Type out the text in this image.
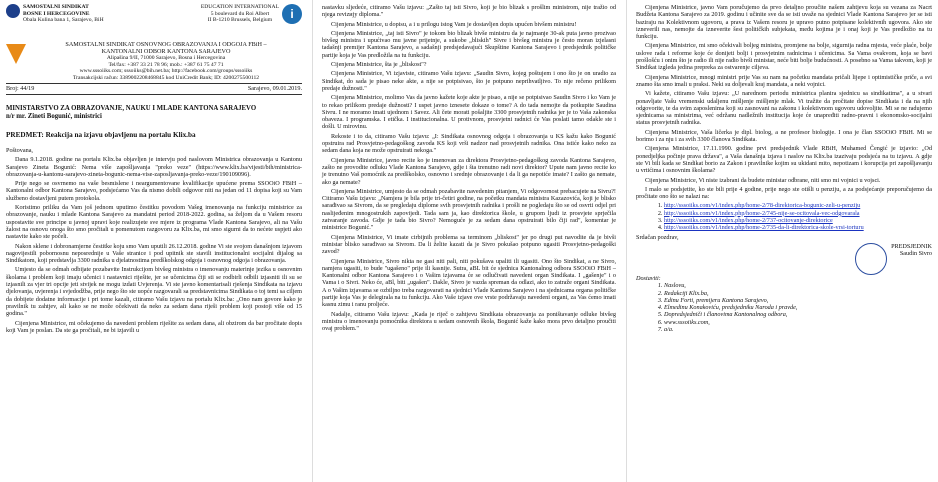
SAMOSTALNI SINDIKAT
BOSNE I HERCEGOVINE
Obala Kulina bana 1, Sarajevo, BiH
EDUCATION INTERNATIONAL
5 boulevard du Roi Albert
II B-1210 Brussels, Belgium	i
SAMOSTALNI SINDIKAT OSNOVNOG OBRAZOVANJA I ODGOJA FBiH –
KANTONALNI ODBOR KANTONA SARAJEVO
Alipašina 9/II, 71000 Sarajevo, Bosna i Hercegovina
Tel/fax: +387 33 21 78 96; mob.: +387 61 75 47 71
www.sssoiiks.com; sssoiiks@bih.net.ba; http://facebook.com/groups/sssoiiks
Transakcijski račun: 3389002208468845 kod UniCredit Bank; ID: 4200275500112
Broj: 44/19	Sarajevo, 09.01.2019.
MINISTARSTVO ZA OBRAZOVANJE, NAUKU I MLADE KANTONA SARAJEVO
n/r mr. Zineti Bogunić, ministrici
PREDMET: Reakcija na izjavu objavljenu na portalu Klix.ba

Poštovana,

Dana 9.1.2018. godine na portalu Klix.ba objavljen je intervju pod naslovom Ministrica obrazovanja u Kantonu Sarajevo Zineta Bogunić: Nema više zapošljavanja "preko veze" (https://www.klix.ba/vijesti/bih/ministrica-obrazovanja-u-kantonu-sarajevo-zineta-bogunic-nema-vise-zaposljavanja-preko-veze/190109096).

Prije nego se osvrnemo na vaše besmislene i neargumentovane kvalifikacije upućene prema SSOOiO FBiH – Kantonalni odbor Kantona Sarajevo, podsjećamo Vas da nismo dobili odgovor niti na jedan od 11 dopisa koji su Vam službeno dostavljeni putem protokola.

Koristimo priliku da Vam još jednom uputimo čestitku povodom Vašeg imenovanja na funkciju ministrice za obrazovanje, nauku i mlade Kantona Sarajevo za mandatni period 2018-2022. godina, sa željom da u Vašem resoru uspostavite sve principe u javnoj upravi koje realizujete sve mjere iz programa Vlade Kantona Sarajevo, ali na Vašu žalost na osnovu onoga što smo pročitali u pomenutom razgovoru za Klix.ba, mi smo sigurni da to nećete uspjeti ako nastavite kako ste počeli.

Nakon sklene i dobronamjerne čestitke koju smo Vam uputili 26.12.2018. godine Vi ste svojom današnjom izjavom nagovijestili pobornosnu neposrednije u Vaše stranice i pod upitnik ste stavili institucionalni socijalni dijalog sa Sindikatom, koji predstavlja 3300 radnika u djelatnostima predškolskog odgoja i osnovnog odgoja i obrazovanja.

Umjesto da se odmah odbijate pozabavite Instrukcijom bivšeg ministra o imenovanju materinje jezika u osnovnim školama i problem koji imaju učenici i nastavnici riješite, jer se učenicima čiji sti se rodbirli odbili izjasniti ili su se izjasnili za vjer tri opcije jeti stvijek ne mogu izdati Uvjerenja. Vi ste javno komentarisali rješenja Sindikata na izjavu djelovanja, uvjerenja i svjedodžba, prije nego što ste uopće razgovarali sa predstavnicima Sindikata o toj temi sa ciljem da dobijete dodatne informacije i pri tome kazali, citiramo Vašu izjavu na portalu Klix.ba: „Ono nam govore kako je pravilnik tu zahtjev, ali kako se ne može očekivati da neko za sedam dana riješi problem koji postoji više od 15 godina."

Cijenjena Ministrice, mi očekujemo da navedeni problem riješite za sedam dana, ali obzirom da bar pročitate dopis koji Vam je poslan. Da ste ga pročitali, ne bi izjavili u

nastavku sljedeće, citiramo Vašu izjavu: „Zašto taj isti Sivro, koji je bio blizak s prošlim ministrom, nije tražio od njega revizију diploma."

Cijenjena Ministrice, u dopisu, a i u prilogu istog Vam je dostavljen dopis upućen bivšem ministru!

Cijenjena Ministrice, „taj isti Sivro" je tokom bio blizak bivše ministru da je najmanje 30-ak puta javno prozivao bivšeg ministra i upućivao mu javne prijetnje, a sukobe „bliskih" Sivre i bivšeg ministra je često moran izjelasni tadašnji premijer Kantona Sarajevo, a sadašnji predsjedavajući Skupštine Kantona Sarajevo i predsjednik političke partije koja je Vas predložila na tu funkciju.

Cijenjena Ministrice, šta je „bliskost"?

Cijenjena Ministrice, Vi izjaviste, citiramo Vašu izjavu: „Saudin Sivro, kojeg poštujem i ono što je on uradio za Sindikat, do sada je pisao neke akte, a nije se potpisivao, što je potpuno neprihvatljivo. To nije rečeno prilikom predaje dužnosti."

Cijenjena Ministrice, molimo Vas da javno kažete koje akte je pisao, a nije se potpisivao Saudin Sivro i ko Vam je to rekao prilikom predaje dužnosti? I uspet javno iznesete dokaze o tome? A do tada nemojte da potkupite Saudina Sivru. I ne moramo imati ujednom i Savez. Ali čete morati pošalјite 3300 prosvjetnih radnika jer je to Vaša zakonska obaveza. I programska. I etička. I institucionalna. U protivnom, prosvjetni radnici će Vas poslati tamo odakle ste i došli. U mirovinu.

Rekoste i to da, citiramo Vašu izjavu: „I: Sindikata osnovnog odgoja i obrazovanja u KS kažu kako Bogunić opstruira rad Prosvjetno-pedagoškog zavoda KS koji vrši nadzor nad prosvjetnih radnika. Ona istiće kako neko za sedam dana koja ne može opstruirati nekoga."

Cijenjena Ministrice, javno recite ko je imenovan za direktora Prosvjetno-pedagoškog zavoda Kantona Sarajevo, zašto ne provodite odluku Vlade Kantona Sarajevo, gdje i šta trenutno radi novi direktor? Upute nam javno recite ko je trenutno Vaš pomoćnik za predškolsko, osnovno i srednje obrazovanje i da li ga nepotiće imate? I zašto ga nemate, ako ga nemate?

Cijenjena Ministrice, umjesto da se odmah pozabavite navedenim pitanjem, Vi odgovornost prebacujete na Sivru?! Citiramo Vašu izjavu: „Namjera je bila prije tri-četiri godine, na početku mandata ministra Kazazovića, koji je blisko sarađivao sa Sivrom, da se pregledaju diplome svih prosvjetnih radnika i prošli ne pogledaju što se od osvrti odjel pri naslijeđenim mnogostrukih zapovijedi. Tada sam ja, kao direktorica škole, u grupom ljudi iz prosvjete sprječila zatvaranje zavoda. Gdje je tada bio Sivro? Nemoguće je za sedam dana opstruirati bilo čiji rad", komentar je ministrice Bogunić."

Cijenjena Ministrice, Vi imate cirbijnih problema sa terminom „bliskost" jer po drugi put navodite da je bivši ministar blisko sarađivao sa Sivrom. Da li želite kazati da je Sivro pokušao potpuno ugasiti Prosvjetno-pedagoški zavod?

Cijenjena Ministrice, Sivro nikta ne gasi niti pali, niti pokušava upaliti ili ugasiti. Ono što Sindikat, a ne Sivro, namjera ugasiti, to bude "ugašeno" prije ili kasnije. Sutra, aBL bit će sjednica Kantonalnog odbora SSOOiO FBiH – Kantonalni odbor Kantona Sarajevo i o Vašim izjavama će se odlučivati navedeni organ Sindikata. I „gašenje" i o Vama i o Sivri. Neko će, aBl, biti „ugašen". Dakle, Sivro je vazda spreman da odlazi, ako to zatraže organi Sindikata. A o Vašim izjavama se ozbiljno treba razgovarati na sjednici Vlade Kantona Sarajevo i na sjednicama organa političke partije koja Vas je delegirala na tu funkciju. Ako Vaše izjave ove vrste podržavaju navedeni organi, za Vas ćemo imati kasnu zimu i ranu proljeće.

Nadalje, citiramo Vašu izjavu: „Kada je riječ o zahtjevu Sindikata obrazovanja za poništavanje odluke bivšeg ministra o imenovanju pomoćnika direktora u sedam osnovnih škola, Bogunić kaže kako mora prvo detaljno proučiti ovaj problem."

Cijenjena Ministrice, javno Vam poručujemo da prvo detaljno proučite našem zahtjevu koja su vezana za Nacrt Budžeta Kantona Sarajevo za 2019. godinu i učinite sve da se isti uvaže na sjednici Vlade Kantona Sarajevo jer se isti baziraju na Kolektivnom ugovoru, a prava iz Vašem resoru je upravo putno potpisane kolektivnih ugovora. Ako ste izneverili nas, nemojte da izneverite šest političkih subjekata, među kojima je i onaj koji je Vas predložio na tu funkciju.

Cijenjena Ministrice, mi smo očekivali bolјeg ministra, promjene na bolje, sigurnija radna mjesta, veće plaće, bolje uslove rada i reforme koje će donijeti bolјi i prosvjetnim radnicima i učenicima. Sa Vama ovakvom, koja se bavi prošlošću i onim što je radio ili nije radio bivši ministar, neće biti bolje budućnosti. A posebno sa Vama takvom, koji je Sindikat izgleda jedina prepreka za ostvarenje cilјeva.

Cijenjena Ministrice, mnogi ministri prije Vas su nam na početku mandata pričali lijepe i optimističke priče, a svi znamo šta smo imali u praksi. Neki su dolјevali kraj mandata, a neki vojnici.

Vi kažete, citiramo Vašu izjavu: „U narednom periodu ministrica planira sjednicu sa sindikatima", a u stvari ponavljate Vašu vremenski udaljenu mišlјenje mišlјenje mlak. Vi tražite da pročitate dopise Sindikata i da na njih odgovorite, te da svim zaposlenima koji su zasnovani na zakonu i kolektivnom ugovoru udovoljite. Mi se ne radujemo sjednicama sa ministrima, već održanu nadležnih institucija koje će unapređiti radno-pravni i ekonomsko-socijalni status prosvjetnih radnika.

Cijenjena Ministrice, Vaša ličerka je dipl. biolog, a ne profesor biologije. I ona je član SSOOiO FBiH. Mi se borimo i za nju i za svih 3300 članova Sindikata.

Cijenjena Ministrice, 17.11.1990. godine prvi predsjednik Vlade RBiH, Muhamed Čengić je izjavio: „Od ponedjeljka počinje prava država", a Vaša današnja izjava i naslov na Klix.ba izazivaju podsjeća na tu izjavu. A gdje ste Vi bili kada se Sindikat borio za Zakon i pravilnike kojim su ukidani mito, nepotizam i korupcija pri zapošljavanju u vrtićima i osnovnim školama?

Cijenjena Ministrice, Vi niste izabrani da budete ministar odbrane, niti smo mi vojnici u vojsci.

I malo se podsjetite, ko ste bili prije 4 godine, prije nego ste otišli u penziju, a za podsjećanje preporučujemo da pročitate ono što se nalazi na:

1. http://sssoiiks.com/v1/index.php/home-2/78-direktorica-bogunic-zeli-u-penziju
2. http://sssoiiks.com/v1/index.php/home-2/745-nije-se-ocitovala-vec-odgovarala
3. http://sssoiiks.com/v1/index.php/home-2/737-ocitovanje-direktorice
4. http://sssoiiks.com/v1/index.php/home-2/735-da-li-direktorica-skole-vrsi-torturu
Srdačan pozdrav,
PREDSJEDNIK
Saudin Sivro
Dostaviti:
1. Naslovu,
2. Redakciji Klix.ba,
3. Edinu Forti, premijeru Kantona Sarajevo,
4. Elmedinu Konakoviću, predsjedniku Naroda i pravde,
5. Dopredsjedniči i članovima Kantonalnog odbora,
6. www.sssoiiks.com,
7. a/a.
